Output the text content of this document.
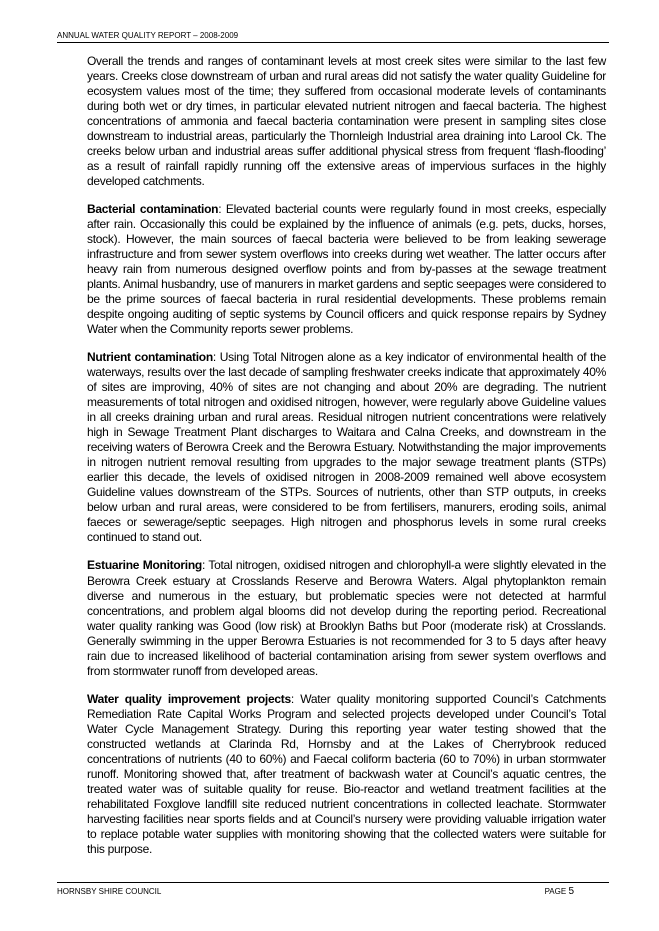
ANNUAL WATER QUALITY REPORT – 2008-2009

Overall the trends and ranges of contaminant levels at most creek sites were similar to the last few years. Creeks close downstream of urban and rural areas did not satisfy the water quality Guideline for ecosystem values most of the time; they suffered from occasional moderate levels of contaminants during both wet or dry times, in particular elevated nutrient nitrogen and faecal bacteria. The highest concentrations of ammonia and faecal bacteria contamination were present in sampling sites close downstream to industrial areas, particularly the Thornleigh Industrial area draining into Larool Ck. The creeks below urban and industrial areas suffer additional physical stress from frequent ‘flash-flooding’ as a result of rainfall rapidly running off the extensive areas of impervious surfaces in the highly developed catchments.

Bacterial contamination: Elevated bacterial counts were regularly found in most creeks, especially after rain. Occasionally this could be explained by the influence of animals (e.g. pets, ducks, horses, stock). However, the main sources of faecal bacteria were believed to be from leaking sewerage infrastructure and from sewer system overflows into creeks during wet weather. The latter occurs after heavy rain from numerous designed overflow points and from by-passes at the sewage treatment plants. Animal husbandry, use of manurers in market gardens and septic seepages were considered to be the prime sources of faecal bacteria in rural residential developments. These problems remain despite ongoing auditing of septic systems by Council officers and quick response repairs by Sydney Water when the Community reports sewer problems.

Nutrient contamination: Using Total Nitrogen alone as a key indicator of environmental health of the waterways, results over the last decade of sampling freshwater creeks indicate that approximately 40% of sites are improving, 40% of sites are not changing and about 20% are degrading. The nutrient measurements of total nitrogen and oxidised nitrogen, however, were regularly above Guideline values in all creeks draining urban and rural areas. Residual nitrogen nutrient concentrations were relatively high in Sewage Treatment Plant discharges to Waitara and Calna Creeks, and downstream in the receiving waters of Berowra Creek and the Berowra Estuary. Notwithstanding the major improvements in nitrogen nutrient removal resulting from upgrades to the major sewage treatment plants (STPs) earlier this decade, the levels of oxidised nitrogen in 2008-2009 remained well above ecosystem Guideline values downstream of the STPs. Sources of nutrients, other than STP outputs, in creeks below urban and rural areas, were considered to be from fertilisers, manurers, eroding soils, animal faeces or sewerage/septic seepages. High nitrogen and phosphorus levels in some rural creeks continued to stand out.

Estuarine Monitoring: Total nitrogen, oxidised nitrogen and chlorophyll-a were slightly elevated in the Berowra Creek estuary at Crosslands Reserve and Berowra Waters. Algal phytoplankton remain diverse and numerous in the estuary, but problematic species were not detected at harmful concentrations, and problem algal blooms did not develop during the reporting period. Recreational water quality ranking was Good (low risk) at Brooklyn Baths but Poor (moderate risk) at Crosslands. Generally swimming in the upper Berowra Estuaries is not recommended for 3 to 5 days after heavy rain due to increased likelihood of bacterial contamination arising from sewer system overflows and from stormwater runoff from developed areas.

Water quality improvement projects: Water quality monitoring supported Council’s Catchments Remediation Rate Capital Works Program and selected projects developed under Council’s Total Water Cycle Management Strategy. During this reporting year water testing showed that the constructed wetlands at Clarinda Rd, Hornsby and at the Lakes of Cherrybrook reduced concentrations of nutrients (40 to 60%) and Faecal coliform bacteria (60 to 70%) in urban stormwater runoff. Monitoring showed that, after treatment of backwash water at Council’s aquatic centres, the treated water was of suitable quality for reuse. Bio-reactor and wetland treatment facilities at the rehabilitated Foxglove landfill site reduced nutrient concentrations in collected leachate. Stormwater harvesting facilities near sports fields and at Council’s nursery were providing valuable irrigation water to replace potable water supplies with monitoring showing that the collected waters were suitable for this purpose.

HORNSBY SHIRE COUNCIL	PAGE 5
